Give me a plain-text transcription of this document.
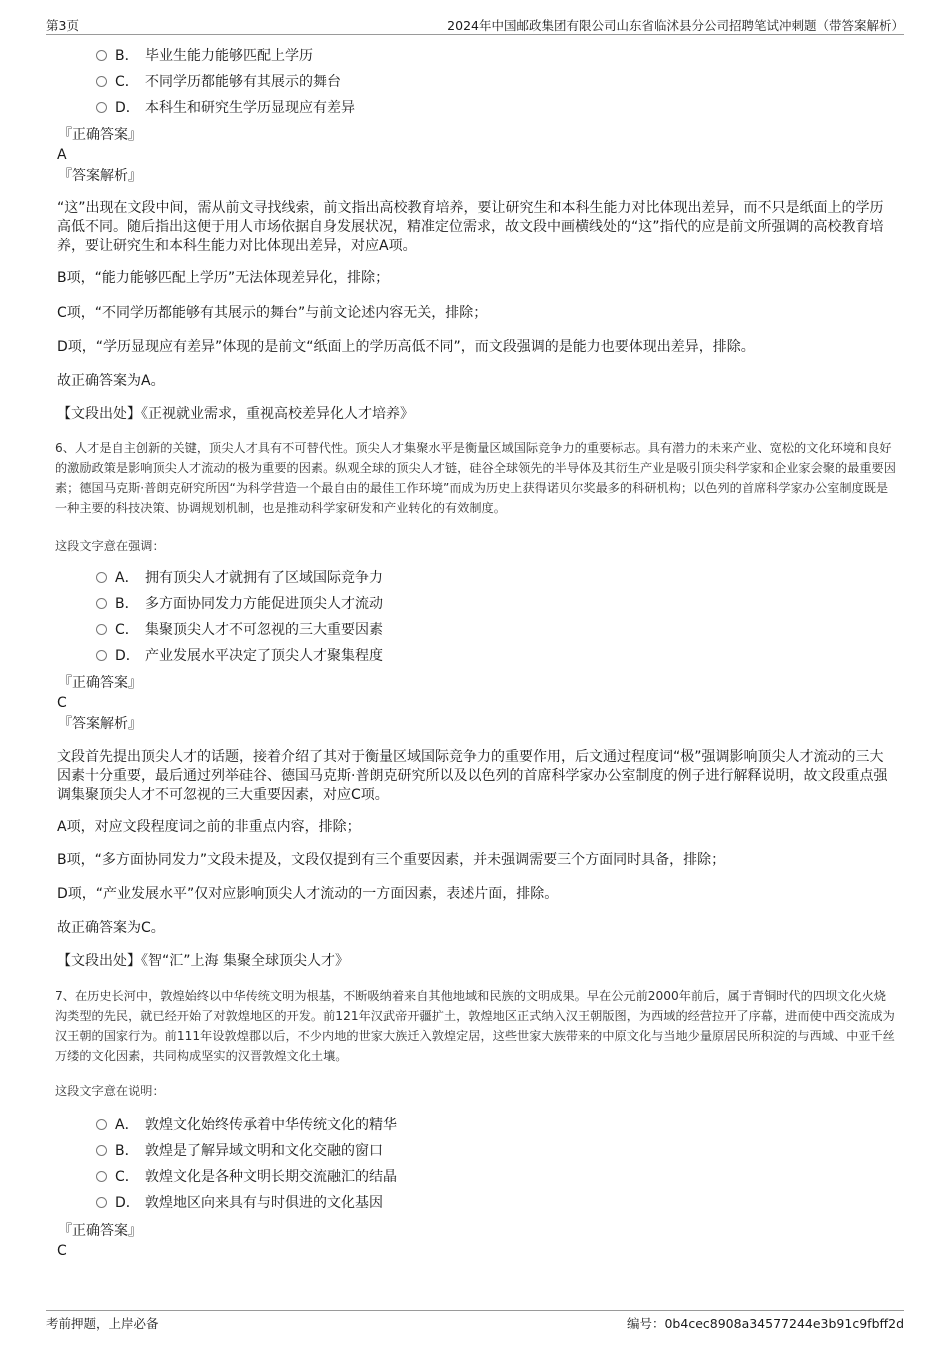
第3页	2024年中国邮政集团有限公司山东省临沭县分公司招聘笔试冲刺题（带答案解析）
B． 毕业生能力能够匹配上学历
C． 不同学历都能够有其展示的舞台
D． 本科生和研究生学历显现应有差异
『正确答案』
A
『答案解析』
“这”出现在文段中间，需从前文寻找线索，前文指出高校教育培养，要让研究生和本科生能力对比体现出差异，而不只是纸面上的学历高低不同。随后指出这便于用人市场依据自身发展状况，精准定位需求，故文段中画横线处的“这”指代的应是前文所强调的高校教育培养，要让研究生和本科生能力对比体现出差异，对应A项。
B项，“能力能够匹配上学历”无法体现差异化，排除；
C项，“不同学历都能够有其展示的舞台”与前文论述内容无关，排除；
D项，“学历显现应有差异”体现的是前文“纸面上的学历高低不同”，而文段强调的是能力也要体现出差异，排除。
故正确答案为A。
【文段出处】《正视就业需求，重视高校差异化人才培养》
6、人才是自主创新的关键，顶尖人才具有不可替代性。顶尖人才集聚水平是衡量区域国际竞争力的重要标志。具有潜力的未来产业、宽松的文化环境和良好的激励政策是影响顶尖人才流动的极为重要的因素。纵观全球的顶尖人才链，硅谷全球领先的半导体及其衍生产业是吸引顶尖科学家和企业家会聚的最重要因素；德国马克斯·普朗克研究所因“为科学营造一个最自由的最佳工作环境”而成为历史上获得诺贝尔奖最多的科研机构；以色列的首席科学家办公室制度既是一种主要的科技决策、协调规划机制，也是推动科学家研发和产业转化的有效制度。
这段文字意在强调：
A． 拥有顶尖人才就拥有了区域国际竞争力
B． 多方面协同发力方能促进顶尖人才流动
C． 集聚顶尖人才不可忽视的三大重要因素
D． 产业发展水平决定了顶尖人才聚集程度
『正确答案』
C
『答案解析』
文段首先提出顶尖人才的话题，接着介绍了其对于衡量区域国际竞争力的重要作用，后文通过程度词“极”强调影响顶尖人才流动的三大因素十分重要，最后通过列举硅谷、德国马克斯·普朗克研究所以及以色列的首席科学家办公室制度的例子进行解释说明，故文段重点强调集聚顶尖人才不可忽视的三大重要因素，对应C项。
A项，对应文段程度词之前的非重点内容，排除；
B项，“多方面协同发力”文段未提及，文段仅提到有三个重要因素，并未强调需要三个方面同时具备，排除；
D项，“产业发展水平”仅对应影响顶尖人才流动的一方面因素，表述片面，排除。
故正确答案为C。
【文段出处】《智“汇”上海 集聚全球顶尖人才》
7、在历史长河中，敦煌始终以中华传统文明为根基，不断吸纳着来自其他地域和民族的文明成果。早在公元前2000年前后，属于青铜时代的四坝文化火烧沟类型的先民，就已经开始了对敦煌地区的开发。前121年汉武帝开疆扩土，敦煌地区正式纳入汉王朝版图，为西域的经营拉开了序幕，进而使中西交流成为汉王朝的国家行为。前111年设敦煌郡以后，不少内地的世家大族迁入敦煌定居，这些世家大族带来的中原文化与当地少量原居民所积淀的与西域、中亚千丝万缕的文化因素，共同构成坚实的汉晋敦煌文化土壤。
这段文字意在说明：
A． 敦煌文化始终传承着中华传统文化的精华
B． 敦煌是了解异域文明和文化交融的窗口
C． 敦煌文化是各种文明长期交流融汇的结晶
D． 敦煌地区向来具有与时俱进的文化基因
『正确答案』
C
考前押题，上岸必备	编号：0b4cec8908a34577244e3b91c9fbff2d
